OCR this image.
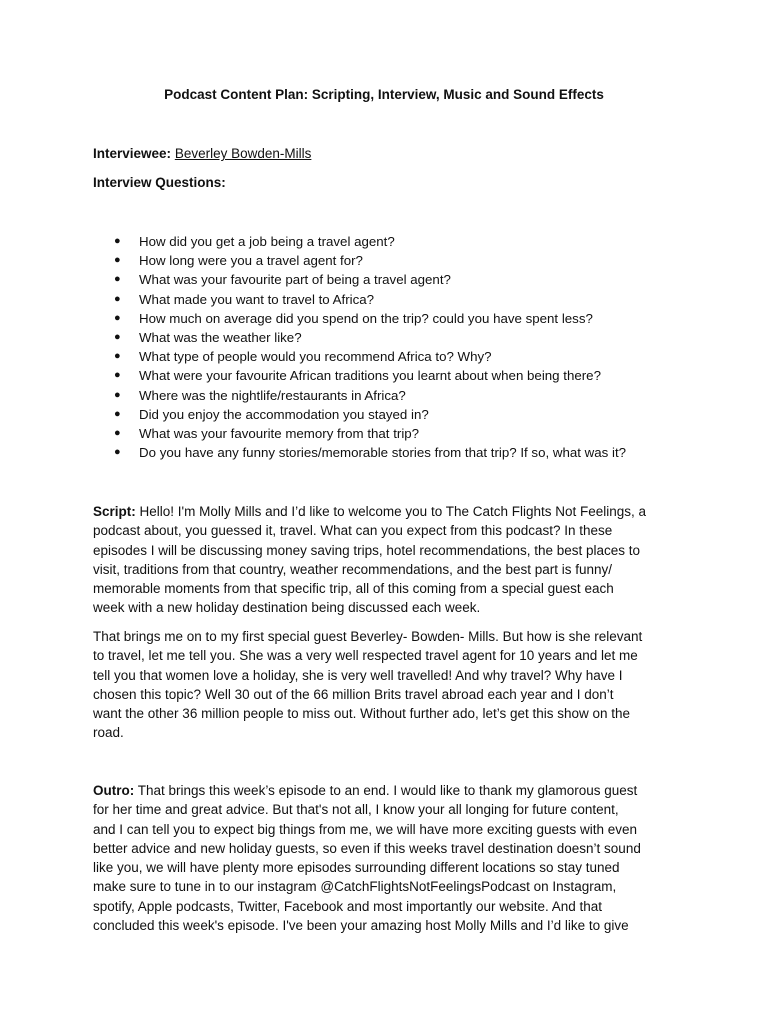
Podcast Content Plan: Scripting, Interview, Music and Sound Effects
Interviewee: Beverley Bowden-Mills
Interview Questions:
● How did you get a job being a travel agent?
● How long were you a travel agent for?
● What was your favourite part of being a travel agent?
● What made you want to travel to Africa?
● How much on average did you spend on the trip? could you have spent less?
● What was the weather like?
● What type of people would you recommend Africa to? Why?
● What were your favourite African traditions you learnt about when being there?
● Where was the nightlife/restaurants in Africa?
● Did you enjoy the accommodation you stayed in?
● What was your favourite memory from that trip?
● Do you have any funny stories/memorable stories from that trip? If so, what was it?

Script: Hello! I'm Molly Mills and I’d like to welcome you to The Catch Flights Not Feelings, a
podcast about, you guessed it, travel. What can you expect from this podcast? In these
episodes I will be discussing money saving trips, hotel recommendations, the best places to
visit, traditions from that country, weather recommendations, and the best part is funny/
memorable moments from that specific trip, all of this coming from a special guest each
week with a new holiday destination being discussed each week.

That brings me on to my first special guest Beverley- Bowden- Mills. But how is she relevant
to travel, let me tell you. She was a very well respected travel agent for 10 years and let me
tell you that women love a holiday, she is very well travelled! And why travel? Why have I
chosen this topic? Well 30 out of the 66 million Brits travel abroad each year and I don’t
want the other 36 million people to miss out. Without further ado, let’s get this show on the
road.

Outro: That brings this week’s episode to an end. I would like to thank my glamorous guest
for her time and great advice. But that's not all, I know your all longing for future content,
and I can tell you to expect big things from me, we will have more exciting guests with even
better advice and new holiday guests, so even if this weeks travel destination doesn’t sound
like you, we will have plenty more episodes surrounding different locations so stay tuned
make sure to tune in to our instagram @CatchFlightsNotFeelingsPodcast on Instagram,
spotify, Apple podcasts, Twitter, Facebook and most importantly our website. And that
concluded this week's episode. I've been your amazing host Molly Mills and I’d like to give
